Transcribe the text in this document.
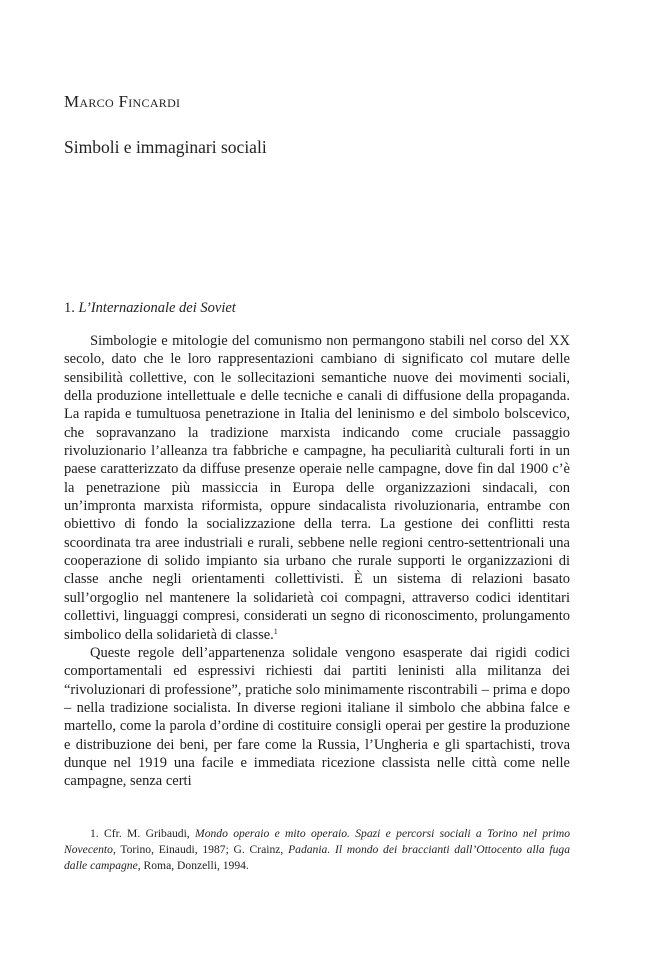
Marco Fincardi
Simboli e immaginari sociali
1. L’Internazionale dei Soviet

Simbologie e mitologie del comunismo non permangono stabili nel corso del XX secolo, dato che le loro rappresentazioni cambiano di significato col mutare delle sensibilità collettive, con le sollecitazioni semantiche nuove dei movimenti sociali, della produzione intellettuale e delle tecniche e canali di diffusione della propaganda. La rapida e tumultuosa penetrazione in Italia del leninismo e del simbolo bolscevico, che sopravanzano la tradizione marxista indicando come cruciale passaggio rivoluzionario l’alleanza tra fabbriche e campagne, ha peculiarità culturali forti in un paese caratterizzato da diffuse presenze operaie nelle campagne, dove fin dal 1900 c’è la penetrazione più massiccia in Europa delle organizzazioni sindacali, con un’impronta marxista riformista, oppure sindacalista rivoluzionaria, entrambe con obiettivo di fondo la socializzazione della terra. La gestione dei conflitti resta scoordinata tra aree industriali e rurali, sebbene nelle regioni centro-settentrionali una cooperazione di solido impianto sia urbano che rurale supporti le organizzazioni di classe anche negli orientamenti collettivisti. È un sistema di relazioni basato sull’orgoglio nel mantenere la solidarietà coi compagni, attraverso codici identitari collettivi, linguaggi compresi, considerati un segno di riconoscimento, prolungamento simbolico della solidarietà di classe.$^1$

Queste regole dell’appartenenza solidale vengono esasperate dai rigidi codici comportamentali ed espressivi richiesti dai partiti leninisti alla militanza dei “rivoluzionari di professione”, pratiche solo minimamente riscontrabili – prima e dopo – nella tradizione socialista. In diverse regioni italiane il simbolo che abbina falce e martello, come la parola d’ordine di costituire consigli operai per gestire la produzione e distribuzione dei beni, per fare come la Russia, l’Ungheria e gli spartachisti, trova dunque nel 1919 una facile e immediata ricezione classista nelle città come nelle campagne, senza certi

1. Cfr. M. Gribaudi, Mondo operaio e mito operaio. Spazi e percorsi sociali a Torino nel primo Novecento, Torino, Einaudi, 1987; G. Crainz, Padania. Il mondo dei braccianti dall’Ottocento alla fuga dalle campagne, Roma, Donzelli, 1994.
